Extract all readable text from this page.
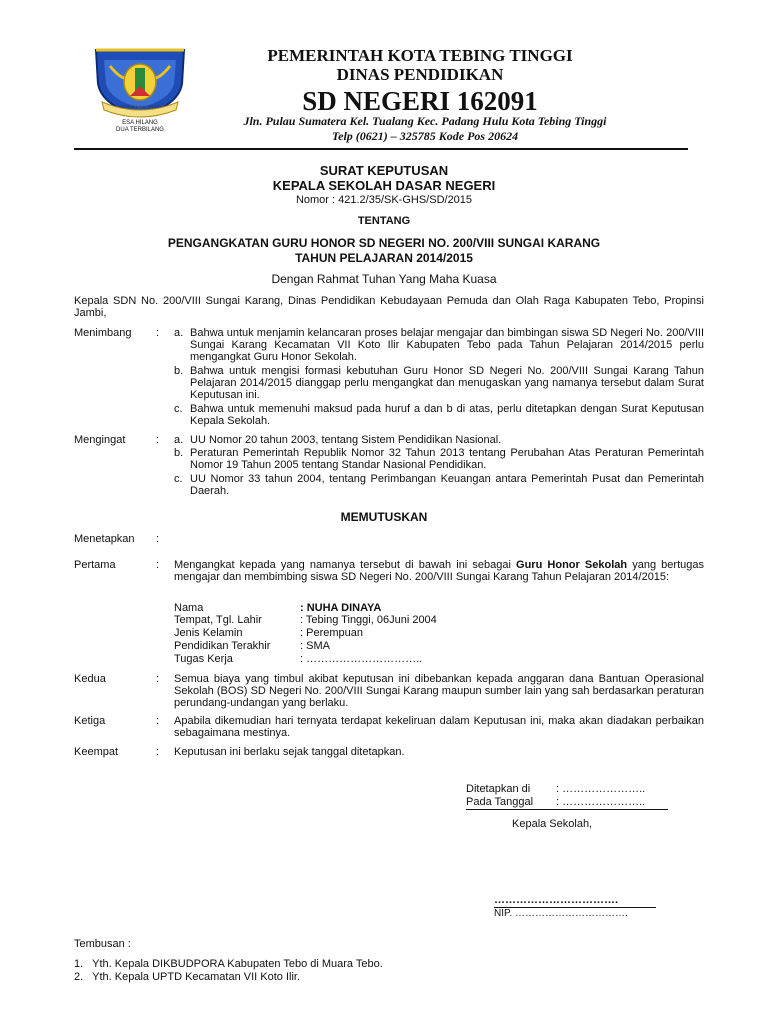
KOTA TEBING TINGGI
ESA HILANG
DUA TERBILANG
PEMERINTAH KOTA TEBING TINGGI
DINAS PENDIDIKAN
SD NEGERI 162091
Jln. Pulau Sumatera Kel. Tualang Kec. Padang Hulu Kota Tebing Tinggi
Telp (0621) – 325785 Kode Pos 20624
SURAT KEPUTUSAN
KEPALA SEKOLAH DASAR NEGERI
Nomor : 421.2/35/SK-GHS/SD/2015
TENTANG
PENGANGKATAN GURU HONOR SD NEGERI NO. 200/VIII SUNGAI KARANG
TAHUN PELAJARAN 2014/2015
Dengan Rahmat Tuhan Yang Maha Kuasa
Kepala SDN No. 200/VIII Sungai Karang, Dinas Pendidikan Kebudayaan Pemuda dan Olah Raga Kabupaten Tebo, Propinsi Jambi,
Menimbang : a. Bahwa untuk menjamin kelancaran proses belajar mengajar dan bimbingan siswa SD Negeri No. 200/VIII Sungai Karang Kecamatan VII Koto Ilir Kabupaten Tebo pada Tahun Pelajaran 2014/2015 perlu mengangkat Guru Honor Sekolah.
b. Bahwa untuk mengisi formasi kebutuhan Guru Honor SD Negeri No. 200/VIII Sungai Karang Tahun Pelajaran 2014/2015 dianggap perlu mengangkat dan menugaskan yang namanya tersebut dalam Surat Keputusan ini.
c. Bahwa untuk memenuhi maksud pada huruf a dan b di atas, perlu ditetapkan dengan Surat Keputusan Kepala Sekolah.
Mengingat	: a. UU Nomor 20 tahun 2003, tentang Sistem Pendidikan Nasional.
b. Peraturan Pemerintah Republik Nomor 32 Tahun 2013 tentang Perubahan Atas Peraturan Pemerintah Nomor 19 Tahun 2005 tentang Standar Nasional Pendidikan.
c. UU Nomor 33 tahun 2004, tentang Perimbangan Keuangan antara Pemerintah Pusat dan Pemerintah Daerah.
MEMUTUSKAN
Menetapkan :
Pertama	: Mengangkat kepada yang namanya tersebut di bawah ini sebagai Guru Honor Sekolah yang bertugas mengajar dan membimbing siswa SD Negeri No. 200/VIII Sungai Karang Tahun Pelajaran 2014/2015:
Nama	: NUHA DINAYA
Tempat, Tgl. Lahir	: Tebing Tinggi, 06Juni 2004
Jenis Kelamin	: Perempuan
Pendidikan Terakhir	: SMA
Tugas Kerja	: …………………………..
Kedua	: Semua biaya yang timbul akibat keputusan ini dibebankan kepada anggaran dana Bantuan Operasional Sekolah (BOS) SD Negeri No. 200/VIII Sungai Karang maupun sumber lain yang sah berdasarkan peraturan perundang-undangan yang berlaku.
Ketiga	: Apabila dikemudian hari ternyata terdapat kekeliruan dalam Keputusan ini, maka akan diadakan perbaikan sebagaimana mestinya.
Keempat	: Keputusan ini berlaku sejak tanggal ditetapkan.
Ditetapkan di : …………………..
Pada Tanggal : …………………..
Kepala Sekolah,
…………………………….
NIP. …………………………….
Tembusan :
1.   Yth. Kepala DIKBUDPORA Kabupaten Tebo di Muara Tebo.
2.   Yth. Kepala UPTD Kecamatan VII Koto Ilir.
